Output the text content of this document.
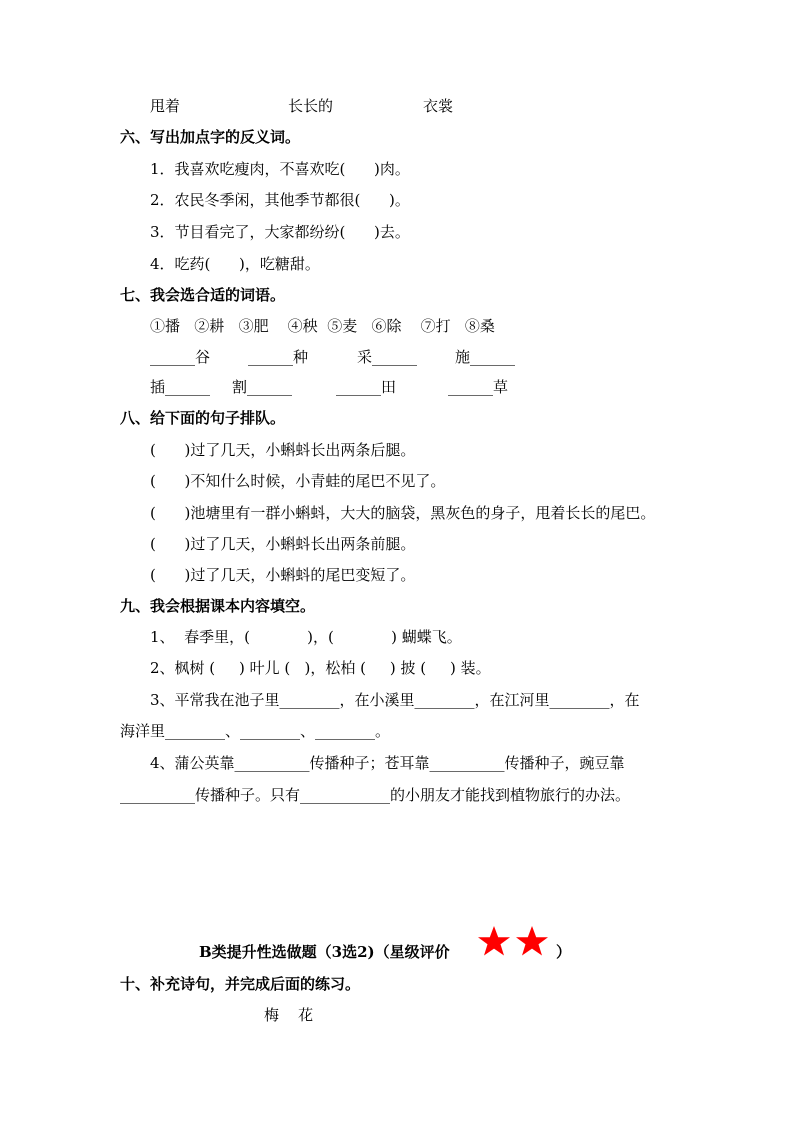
甩着	长长的	衣裳
六、写出加点字的反义词。
1．我喜欢吃瘦肉，不喜欢吃(      )肉。
2．农民冬季闲，其他季节都很(      )。
3．节目看完了，大家都纷纷(      )去。
4．吃药(      )，吃糖甜。
七、我会选合适的词语。
①播   ②耕   ③肥    ④秧  ⑤麦   ⑥除    ⑦打   ⑧桑
______谷	______种	采______	施______
插______ 割______	______田	______草
八、给下面的句子排队。
(      )过了几天，小蝌蚪长出两条后腿。
(      )不知什么时候，小青蛙的尾巴不见了。
(      )池塘里有一群小蝌蚪，大大的脑袋，黑灰色的身子，甩着长长的尾巴。
(      )过了几天，小蝌蚪长出两条前腿。
(      )过了几天，小蝌蚪的尾巴变短了。
九、我会根据课本内容填空。
1、  春季里，(            )，(            ) 蝴蝶飞。
2、枫树 (     ) 叶儿 (   )，松柏 (     ) 披 (     ) 装。
3、平常我在池子里________，在小溪里________，在江河里________，在
海洋里________、________、________。
4、蒲公英靠__________传播种子；苍耳靠__________传播种子，豌豆靠
__________传播种子。只有____________的小朋友才能找到植物旅行的办法。
B类提升性选做题（3选2)（星级评价	）
十、补充诗句，并完成后面的练习。
梅    花
